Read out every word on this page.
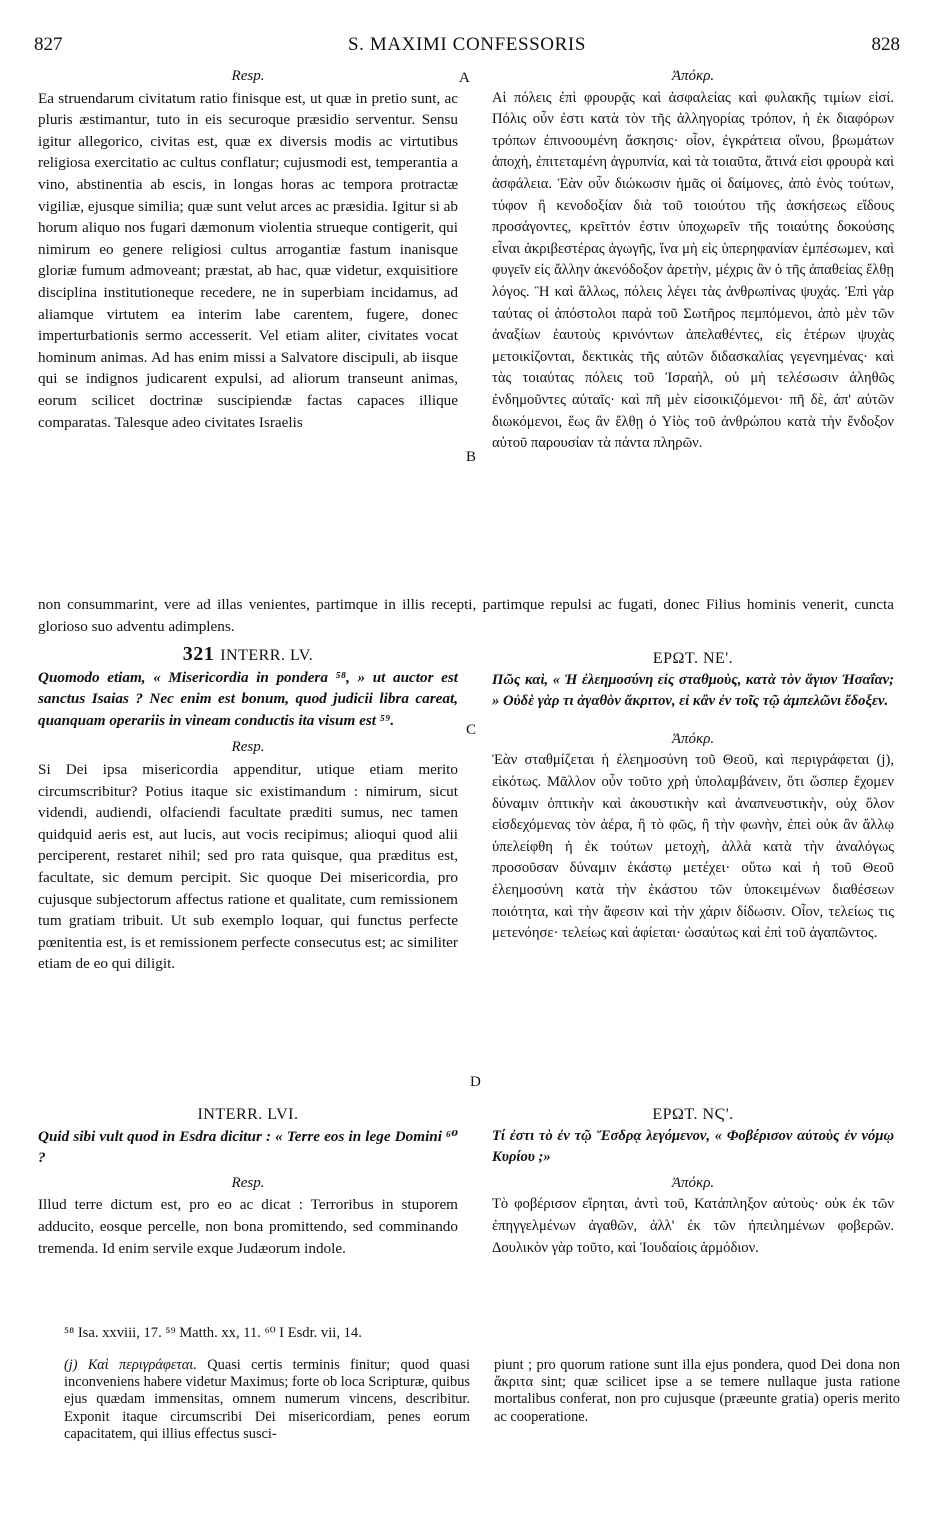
827	S. MAXIMI CONFESSORIS	828
Resp.

Ea struendarum civitatum ratio finisque est, ut quæ in pretio sunt, ac pluris æstimantur, tuto in eis securoque præsidio serventur. Sensu igitur allegorico, civitas est, quæ ex diversis modis ac virtutibus religiosa exercitatio ac cultus conflatur; cujusmodi est, temperantia a vino, abstinentia ab escis, in longas horas ac tempora protractæ vigiliæ, ejusque similia; quæ sunt velut arces ac præsidia. Igitur si ab horum aliquo nos fugari dæmonum violentia strueque contigerit, qui nimirum eo genere religiosi cultus arrogantiæ fastum inanisque gloriæ fumum admoveant; præstat, ab hac, quæ videtur, exquisitiore disciplina institutioneque recedere, ne in superbiam incidamus, ad aliamque virtutem ea interim labe carentem, fugere, donec imperturbationis sermo accesserit. Vel etiam aliter, civitates vocat hominum animas. Ad has enim missi a Salvatore discipuli, ab iisque qui se indignos judicarent expulsi, ad aliorum transeunt animas, eorum scilicet doctrinæ suscipiendæ factas capaces illique comparatas. Talesque adeo civitates Israelis

Ἀπόκρ.

Αἱ πόλεις ἐπὶ φρουρᾷς καὶ ἀσφαλείας καὶ φυλακῆς τιμίων εἰσί. Πόλις οὖν ἐστι κατὰ τὸν τῆς ἀλληγορίας τρόπον, ἡ ἐκ διαφόρων τρόπων ἐπινοουμένη ἄσκησις· οἷον, ἐγκράτεια οἴνου, βρωμάτων ἀποχὴ, ἐπιτεταμένη ἀγρυπνία, καὶ τὰ τοιαῦτα, ἅτινά εἰσι φρουρὰ καὶ ἀσφάλεια. Ἐὰν οὖν διώκωσιν ἡμᾶς οἱ δαίμονες, ἀπὸ ἑνὸς τούτων, τύφον ἢ κενοδοξίαν διὰ τοῦ τοιούτου τῆς ἀσκήσεως εἴδους προσάγοντες, κρεῖττόν ἐστιν ὑποχωρεῖν τῆς τοιαύτης δοκούσης εἶναι ἀκριβεστέρας ἀγωγῆς, ἵνα μὴ εἰς ὑπερηφανίαν ἐμπέσωμεν, καὶ φυγεῖν εἰς ἄλλην ἀκενόδοξον ἀρετὴν, μέχρις ἂν ὁ τῆς ἀπαθείας ἔλθῃ λόγος. Ἢ καὶ ἄλλως, πόλεις λέγει τὰς ἀνθρωπίνας ψυχάς. Ἐπὶ γὰρ ταύτας οἱ ἀπόστολοι παρὰ τοῦ Σωτῆρος πεμπόμενοι, ἀπὸ μὲν τῶν ἀναξίων ἑαυτοὺς κρινόντων ἀπελαθέντες, εἰς ἑτέρων ψυχὰς μετοικίζονται, δεκτικὰς τῆς αὐτῶν διδασκαλίας γεγενημένας· καὶ τὰς τοιαύτας πόλεις τοῦ Ἰσραὴλ, οὐ μὴ τελέσωσιν ἀληθῶς ἐνδημοῦντες αὐταῖς· καὶ πῆ μὲν εἰσοικιζόμενοι· πῆ δὲ, ἀπ' αὐτῶν διωκόμενοι, ἕως ἂν ἔλθῃ ὁ Υἱὸς τοῦ ἀνθρώπου κατὰ τὴν ἔνδοξον αὐτοῦ παρουσίαν τὰ πάντα πληρῶν.

A
B

non consummarint, vere ad illas venientes, partimque in illis recepti, partimque repulsi ac fugati, donec Filius hominis venerit, cuncta glorioso suo adventu adimplens.

321 INTERR. LV.

Quomodo etiam, « Misericordia in pondera ⁵⁸, » ut auctor est sanctus Isaias ? Nec enim est bonum, quod judicii libra careat, quanquam operariis in vineam conductis ita visum est ⁵⁹.

Resp.

Si Dei ipsa misericordia appenditur, utique etiam merito circumscribitur? Potius itaque sic existimandum : nimirum, sicut videndi, audiendi, olfaciendi facultate præditi sumus, nec tamen quidquid aeris est, aut lucis, aut vocis recipimus; alioqui quod alii perciperent, restaret nihil; sed pro rata quisque, qua præditus est, facultate, sic demum percipit. Sic quoque Dei misericordia, pro cujusque subjectorum affectus ratione et qualitate, cum remissionem tum gratiam tribuit. Ut sub exemplo loquar, qui functus perfecte pœnitentia est, is et remissionem perfecte consecutus est; ac similiter etiam de eo qui diligit.

ΕΡΩΤ. ΝΕ'.

Πῶς καὶ, « Ἡ ἐλεημοσύνη εἰς σταθμοὺς, κατὰ τὸν ἅγιον Ἡσαΐαν; » Οὐδὲ γὰρ τι ἀγαθὸν ἄκριτον, εἰ κἂν ἐν τοῖς τῷ ἀμπελῶνι ἔδοξεν.

Ἀπόκρ.

Ἐὰν σταθμίζεται ἡ ἐλεημοσύνη τοῦ Θεοῦ, καὶ περιγράφεται (j), εἰκότως. Μᾶλλον οὖν τοῦτο χρὴ ὑπολαμβάνειν, ὅτι ὥσπερ ἔχομεν δύναμιν ὀπτικὴν καὶ ἀκουστικὴν καὶ ἀναπνευστικὴν, οὐχ ὅλον εἰσδεχόμενας τὸν ἀέρα, ἢ τὸ φῶς, ἢ τὴν φωνὴν, ἐπεὶ οὐκ ἂν ἄλλῳ ὑπελείφθη ἡ ἐκ τούτων μετοχὴ, ἀλλὰ κατὰ τὴν ἀναλόγως προσοῦσαν δύναμιν ἑκάστῳ μετέχει· οὕτω καὶ ἡ τοῦ Θεοῦ ἐλεημοσύνη κατὰ τὴν ἑκάστου τῶν ὑποκειμένων διαθέσεων ποιότητα, καὶ τὴν ἄφεσιν καὶ τὴν χάριν δίδωσιν. Οἷον, τελείως τις μετενόησε· τελείως καὶ ἀφίεται· ὡσαύτως καὶ ἐπὶ τοῦ ἀγαπῶντος.

C
D
INTERR. LVI.

Quid sibi vult quod in Esdra dicitur : « Terre eos in lege Domini ⁶⁰ ?

Resp.

Illud terre dictum est, pro eo ac dicat : Terroribus in stuporem adducito, eosque percelle, non bona promittendo, sed comminando tremenda. Id enim servile exque Judæorum indole.

ΕΡΩΤ. ΝϚ'.

Τί ἐστι τὸ ἐν τῷ Ἔσδρᾳ λεγόμενον, « Φοβέρισον αὐτοὺς ἐν νόμῳ Κυρίου ;»

Ἀπόκρ.

Τὸ φοβέρισον εἴρηται, ἀντὶ τοῦ, Κατάπληξον αὐτοὺς· οὐκ ἐκ τῶν ἐπηγγελμένων ἀγαθῶν, ἀλλ' ἐκ τῶν ἠπειλημένων φοβερῶν. Δουλικὸν γὰρ τοῦτο, καὶ Ἰουδαίοις ἁρμόδιον.

⁵⁸ Isa. xxviii, 17. ⁵⁹ Matth. xx, 11. ⁶⁰ I Esdr. vii, 14.
(j) Καὶ περιγράφεται. Quasi certis terminis finitur; quod quasi inconveniens habere videtur Maximus; forte ob loca Scripturæ, quibus ejus quædam immensitas, omnem numerum vincens, describitur. Exponit itaque circumscribi Dei misericordiam, penes eorum capacitatem, qui illius effectus susci-
piunt ; pro quorum ratione sunt illa ejus pondera, quod Dei dona non ἄκριτα sint; quæ scilicet ipse a se temere nullaque justa ratione mortalibus conferat, non pro cujusque (præeunte gratia) operis merito ac cooperatione.
